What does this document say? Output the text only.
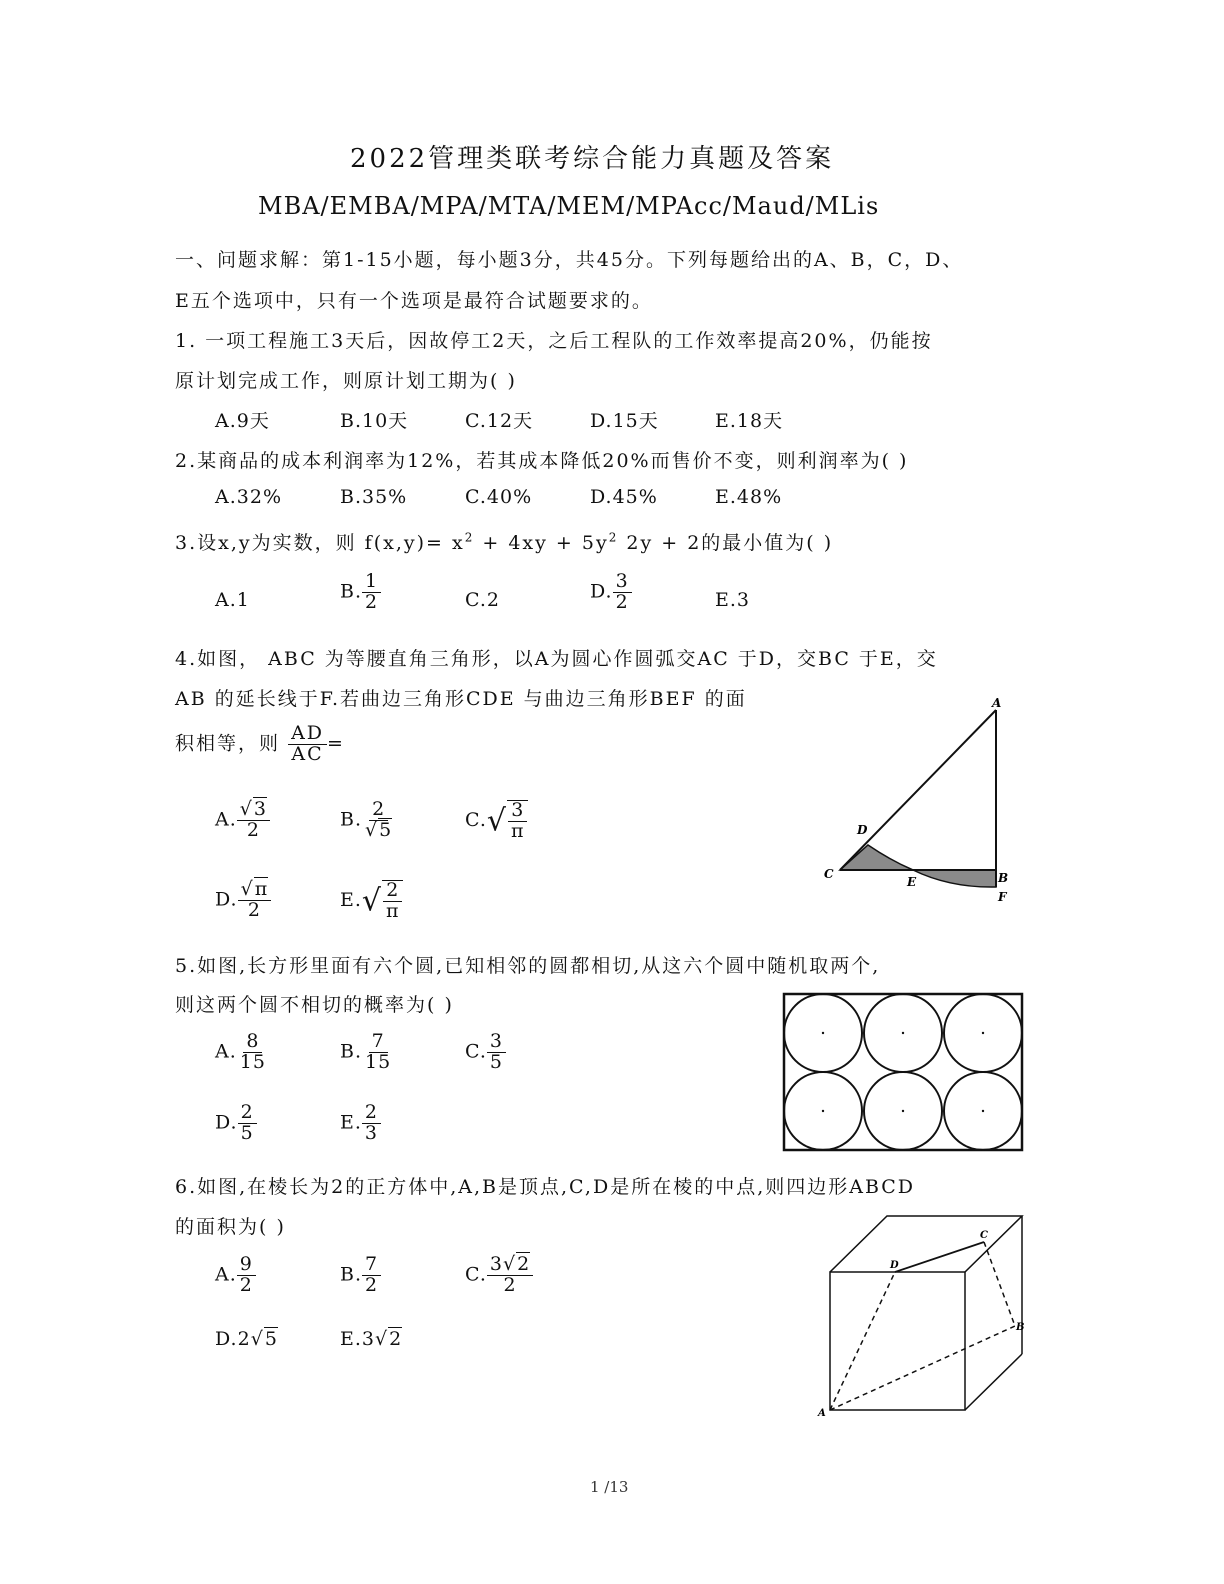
2022管理类联考综合能力真题及答案
MBA/EMBA/MPA/MTA/MEM/MPAcc/Maud/MLis
一、问题求解：第1-15小题，每小题3分，共45分。下列每题给出的A、B，C，D、
E五个选项中，只有一个选项是最符合试题要求的。
1. 一项工程施工3天后，因故停工2天，之后工程队的工作效率提高20%，仍能按
原计划完成工作，则原计划工期为( )
A.9天	B.10天	C.12天	D.15天	E.18天
2.某商品的成本利润率为12%，若其成本降低20%而售价不变，则利润率为( )
A.32%	B.35%	C.40%	D.45%	E.48%
3.设x,y为实数，则 $f(x,y)= x^2 + 4xy + 5y^2$ 2y + 2的最小值为( )
A.1	B. $\frac{1}{2}$	C.2	D. $\frac{3}{2}$	E.3
4.如图， ABC 为等腰直角三角形，以A为圆心作圆弧交AC 于D，交BC 于E，交
AB 的延长线于F.若曲边三角形CDE 与曲边三角形BEF 的面
积相等，则 $\frac{AD}{AC}$ =
A. $\frac{√3}{2}$	B. $\frac{2}{√5}$	$C.√ \frac{3}{\pi}$
D. $\frac{√\pi}{2}$	$E.√ \frac{2}{\pi}$
A
D
C
E	B
F
5.如图,长方形里面有六个圆,已知相邻的圆都相切,从这六个圆中随机取两个,
则这两个圆不相切的概率为( )
A. $\frac{8}{15}$	B. $\frac{7}{15}$	C. $\frac{3}{5}$
D. $\frac{2}{5}$	E. $\frac{2}{3}$
6.如图,在棱长为2的正方体中,A,B是顶点,C,D是所在棱的中点,则四边形ABCD
的面积为( )
A. $\frac{9}{2}$	B. $\frac{7}{2}$	C. $\frac{3√2}{2}$
D.2√5	E.3√2
C
D
B
A
1 /13
